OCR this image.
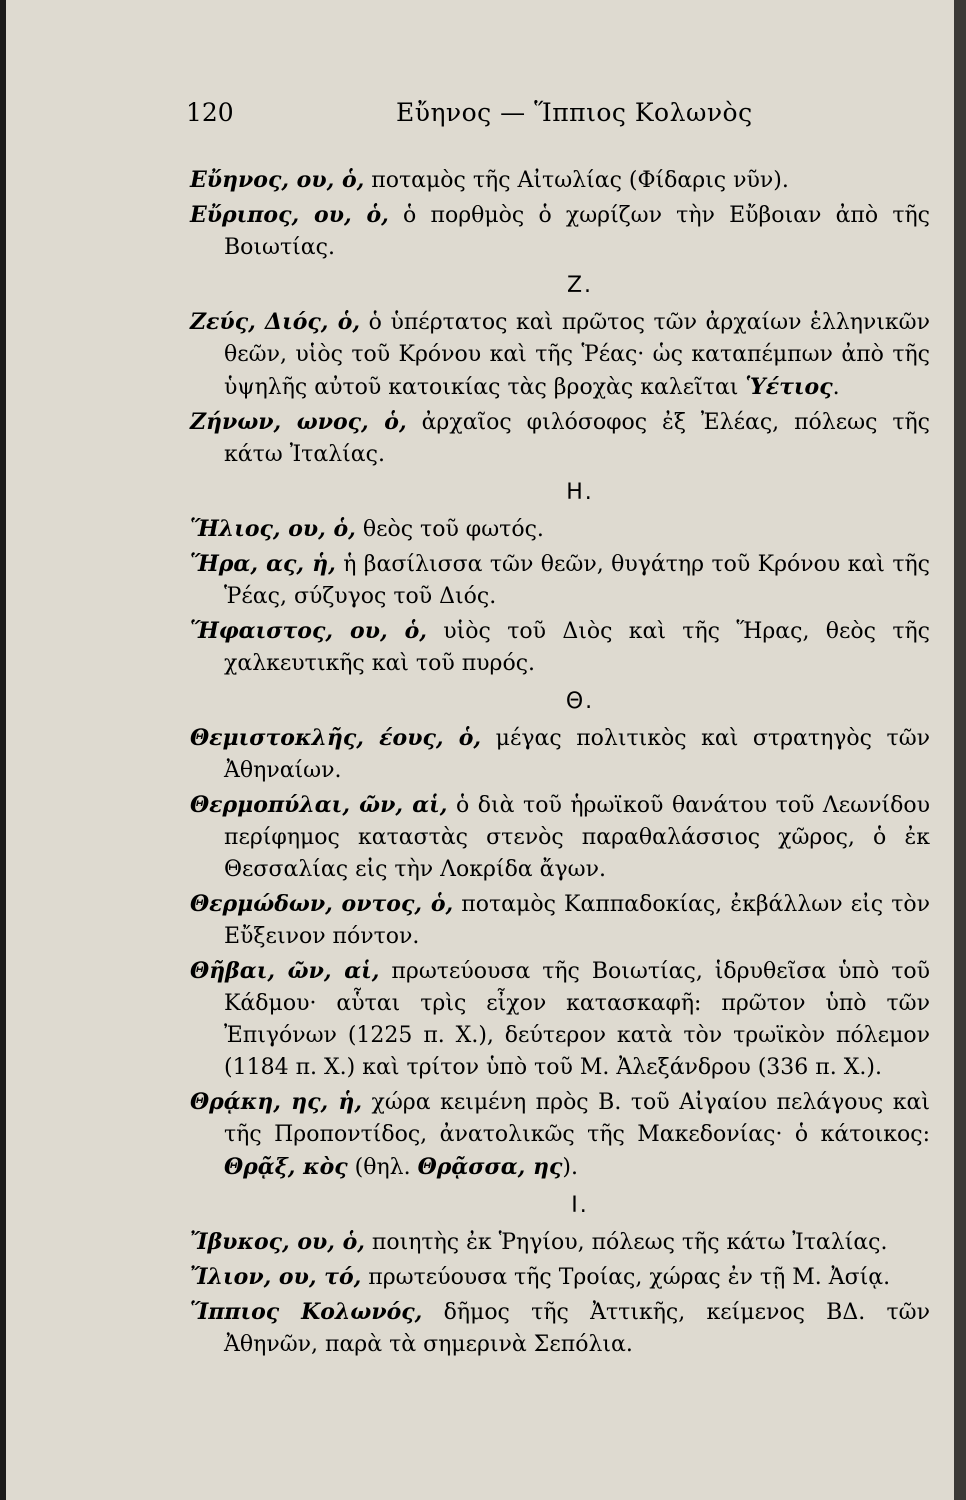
120	Εὔηνος — Ἵππιος Κολωνὸς
Εὔηνος, ου, ὁ, ποταμὸς τῆς Αἰτωλίας (Φίδαρις νῦν).
Εὔριπος, ου, ὁ, ὁ πορθμὸς ὁ χωρίζων τὴν Εὔβοιαν ἀπὸ τῆς Βοιωτίας.
Ζ.
Ζεύς, Διός, ὁ, ὁ ὑπέρτατος καὶ πρῶτος τῶν ἀρχαίων ἑλληνικῶν θεῶν, υἱὸς τοῦ Κρόνου καὶ τῆς Ῥέας· ὡς καταπέμπων ἀπὸ τῆς ὑψηλῆς αὐτοῦ κατοικίας τὰς βροχὰς καλεῖται Ὑέτιος.
Ζήνων, ωνος, ὁ, ἀρχαῖος φιλόσοφος ἐξ Ἐλέας, πόλεως τῆς κάτω Ἰταλίας.
Η.
Ἥλιος, ου, ὁ, θεὸς τοῦ φωτός.
Ἥρα, ας, ἡ, ἡ βασίλισσα τῶν θεῶν, θυγάτηρ τοῦ Κρόνου καὶ τῆς Ῥέας, σύζυγος τοῦ Διός.
Ἥφαιστος, ου, ὁ, υἱὸς τοῦ Διὸς καὶ τῆς Ἥρας, θεὸς τῆς χαλκευτικῆς καὶ τοῦ πυρός.
Θ.
Θεμιστοκλῆς, έους, ὁ, μέγας πολιτικὸς καὶ στρατηγὸς τῶν Ἀθηναίων.
Θερμοπύλαι, ῶν, αἱ, ὁ διὰ τοῦ ἡρωϊκοῦ θανάτου τοῦ Λεωνίδου περίφημος καταστὰς στενὸς παραθαλάσσιος χῶρος, ὁ ἐκ Θεσσαλίας εἰς τὴν Λοκρίδα ἄγων.
Θερμώδων, οντος, ὁ, ποταμὸς Καππαδοκίας, ἐκβάλλων εἰς τὸν Εὔξεινον πόντον.
Θῆβαι, ῶν, αἱ, πρωτεύουσα τῆς Βοιωτίας, ἱδρυθεῖσα ὑπὸ τοῦ Κάδμου· αὗται τρὶς εἶχον κατασκαφῆ: πρῶτον ὑπὸ τῶν Ἐπιγόνων (1225 π. Χ.), δεύτερον κατὰ τὸν τρωϊκὸν πόλεμον (1184 π. Χ.) καὶ τρίτον ὑπὸ τοῦ Μ. Ἀλεξάνδρου (336 π. Χ.).
Θρᾴκη, ης, ἡ, χώρα κειμένη πρὸς Β. τοῦ Αἰγαίου πελάγους καὶ τῆς Προποντίδος, ἀνατολικῶς τῆς Μακεδονίας· ὁ κάτοικος: Θρᾷξ, κὸς (θηλ. Θρᾷσσα, ης).
Ι.
Ἴβυκος, ου, ὁ, ποιητὴς ἐκ Ῥηγίου, πόλεως τῆς κάτω Ἰταλίας.
Ἴλιον, ου, τό, πρωτεύουσα τῆς Τροίας, χώρας ἐν τῇ Μ. Ἀσίᾳ.
Ἵππιος Κολωνός, δῆμος τῆς Ἀττικῆς, κείμενος ΒΔ. τῶν Ἀθηνῶν, παρὰ τὰ σημερινὰ Σεπόλια.
